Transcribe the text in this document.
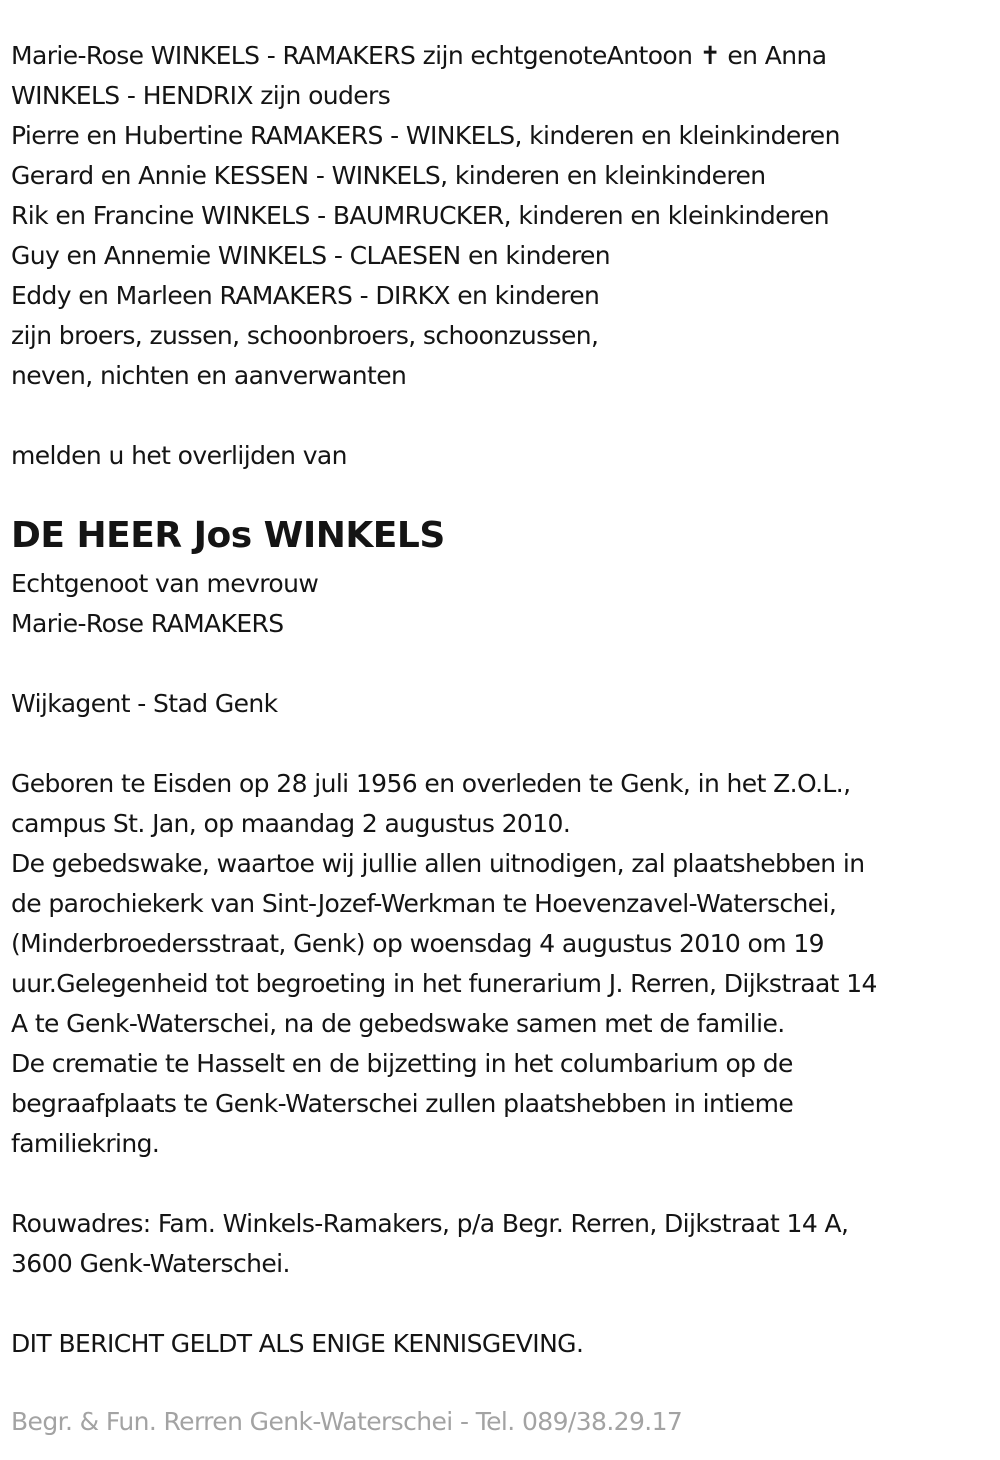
Marie-Rose WINKELS - RAMAKERS zijn echtgenoteAntoon ✝ en Anna
WINKELS - HENDRIX zijn ouders
Pierre en Hubertine RAMAKERS - WINKELS, kinderen en kleinkinderen
Gerard en Annie KESSEN - WINKELS, kinderen en kleinkinderen
Rik en Francine WINKELS - BAUMRUCKER, kinderen en kleinkinderen
Guy en Annemie WINKELS - CLAESEN en kinderen
Eddy en Marleen RAMAKERS - DIRKX en kinderen
zijn broers, zussen, schoonbroers, schoonzussen,
neven, nichten en aanverwanten
melden u het overlijden van
DE HEER Jos WINKELS
Echtgenoot van mevrouw
Marie-Rose RAMAKERS
Wijkagent - Stad Genk
Geboren te Eisden op 28 juli 1956 en overleden te Genk, in het Z.O.L.,
campus St. Jan, op maandag 2 augustus 2010.
De gebedswake, waartoe wij jullie allen uitnodigen, zal plaatshebben in
de parochiekerk van Sint-Jozef-Werkman te Hoevenzavel-Waterschei,
(Minderbroedersstraat, Genk) op woensdag 4 augustus 2010 om 19
uur.Gelegenheid tot begroeting in het funerarium J. Rerren, Dijkstraat 14
A te Genk-Waterschei, na de gebedswake samen met de familie.
De crematie te Hasselt en de bijzetting in het columbarium op de
begraafplaats te Genk-Waterschei zullen plaatshebben in intieme
familiekring.
Rouwadres: Fam. Winkels-Ramakers, p/a Begr. Rerren, Dijkstraat 14 A,
3600 Genk-Waterschei.
DIT BERICHT GELDT ALS ENIGE KENNISGEVING.
Begr. & Fun. Rerren Genk-Waterschei - Tel. 089/38.29.17
